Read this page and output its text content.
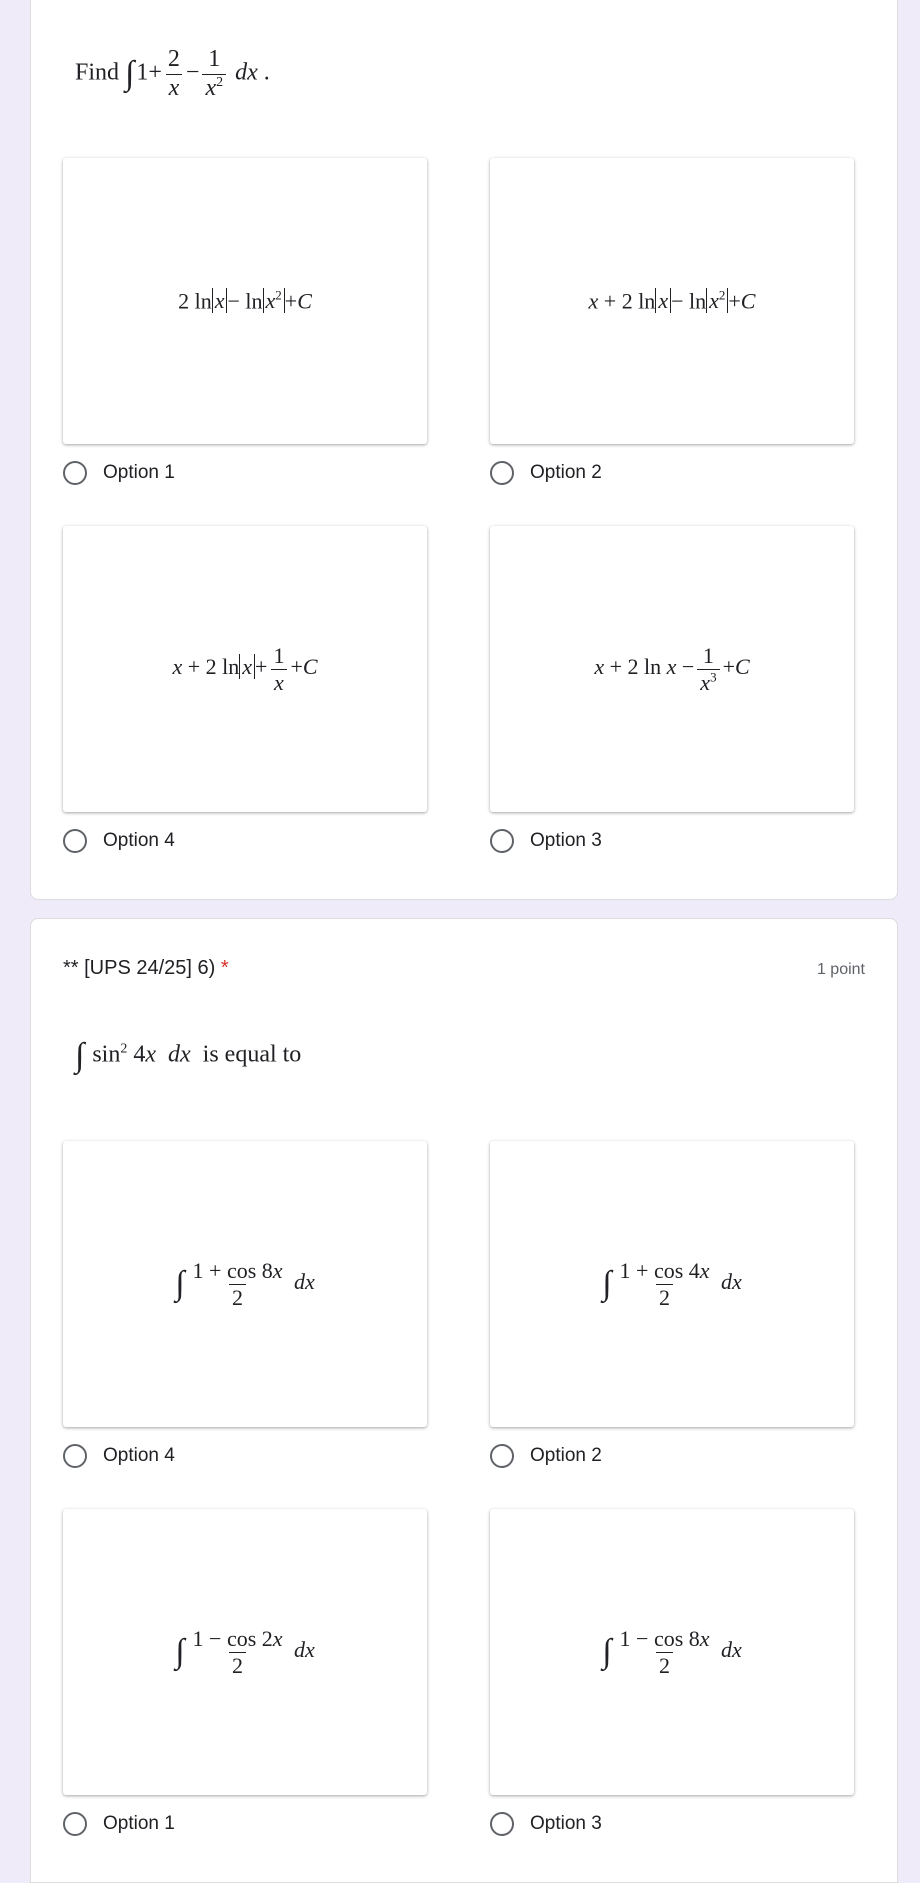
Find $\int 1+ \frac{2}{x} - \frac{1}{x^2}$ dx .
2 $\ln x - \ln x^2 +C$
Option 1
x + 2 $\ln x - \ln x^2 +C$
Option 2
x + 2 $\ln x + \frac{1}{x} +C$
Option 4
x + 2 $\ln x - \frac{1}{x^3} +C$
Option 3
** [UPS 24/25] 6) *	1 point
∫ $\sin^2 4x$ dx is equal to
∫ $\frac{1 + \cos 8x}{2}$ dx
Option 4
∫ $\frac{1 + \cos 4x}{2}$ dx
Option 2
∫ $\frac{1 - \cos 2x}{2}$ dx
Option 1
∫ $\frac{1 - \cos 8x}{2}$ dx
Option 3
